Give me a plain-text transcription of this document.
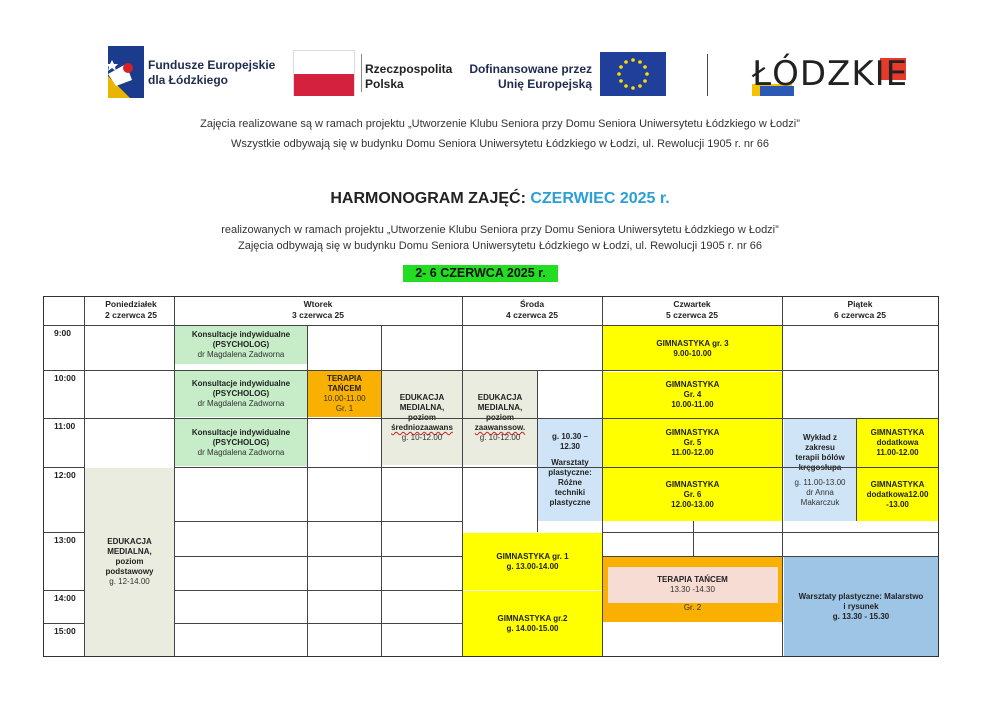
Fundusze Europejskie
dla Łódzkiego
Rzeczpospolita
Polska
Dofinansowane przez
Unię Europejską	ŁÓDZKIE
Zajęcia realizowane są w ramach projektu „Utworzenie Klubu Seniora przy Domu Seniora Uniwersytetu Łódzkiego w Łodzi”
Wszystkie odbywają się w budynku Domu Seniora Uniwersytetu Łódzkiego w Łodzi, ul. Rewolucji 1905 r. nr 66
HARMONOGRAM ZAJĘĆ: CZERWIEC 2025 r.
realizowanych w ramach projektu „Utworzenie Klubu Seniora przy Domu Seniora Uniwersytetu Łódzkiego w Łodzi”
Zajęcia odbywają się w budynku Domu Seniora Uniwersytetu Łódzkiego w Łodzi, ul. Rewolucji 1905 r. nr 66
2- 6 CZERWCA 2025 r.
Konsultacje indywidualne
(PSYCHOLOG)
dr Magdalena Zadworna
Konsultacje indywidualne
(PSYCHOLOG)
dr Magdalena Zadworna
Konsultacje indywidualne
(PSYCHOLOG)
dr Magdalena Zadworna
TERAPIA
TAŃCEM
10.00-11.00
Gr. 1
EDUKACJA
MEDIALNA,
poziom
średniozaawans
g. 10-12.00
EDUKACJA
MEDIALNA,
poziom
zaawanssow.
g. 10-12.00	g. 10.30 –
12.30
Warsztaty
plastyczne:
Różne
techniki
plastyczne
EDUKACJA
MEDIALNA,
poziom
podstawowy
g. 12-14.00
GIMNASTYKA gr. 1
g. 13.00-14.00
GIMNASTYKA gr.2
g. 14.00-15.00
GIMNASTYKA gr. 3
9.00-10.00
GIMNASTYKA
Gr. 4
10.00-11.00
GIMNASTYKA
Gr. 5
11.00-12.00
GIMNASTYKA
Gr. 6
12.00-13.00
TERAPIA TAŃCEM
13.30 -14.30
Gr. 2
Wykład z
zakresu
terapii bólów
kręgosłupa
g. 11.00-13.00
dr Anna
Makarczuk
GIMNASTYKA
dodatkowa
11.00-12.00
GIMNASTYKA
dodatkowa12.00
-13.00
Warsztaty plastyczne: Malarstwo
i rysunek
g. 13.30 - 15.30
Poniedziałek
2 czerwca 25
Wtorek
3 czerwca 25
Środa
4 czerwca 25
Czwartek
5 czerwca 25
Piątek
6 czerwca 25
9:00
10:00
11:00
12:00
13:00
14:00
15:00
